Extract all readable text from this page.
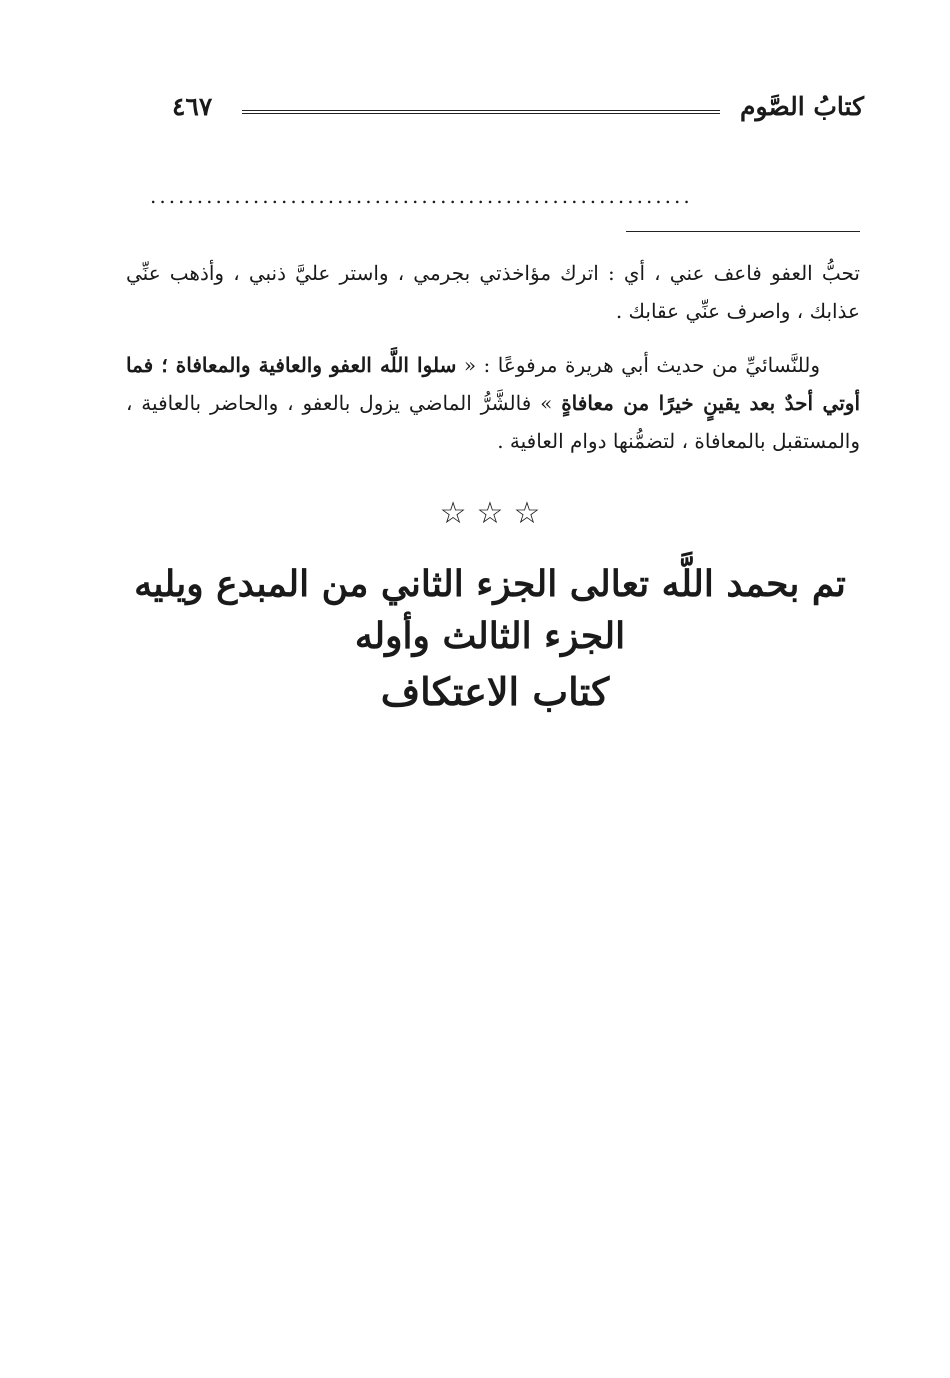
كتابُ الصَّوم
٤٦٧
..........................................................

تحبُّ العفو فاعف عني ، أي : اترك مؤاخذتي بجرمي ، واستر عليَّ ذنبي ، وأذهب عنِّي عذابك ، واصرف عنِّي عقابك .

وللنَّسائيِّ من حديث أبي هريرة مرفوعًا : « سلوا اللَّه العفو والعافية والمعافاة ؛ فما أوتي أحدٌ بعد يقينٍ خيرًا من معافاةٍ » فالشَّرُّ الماضي يزول بالعفو ، والحاضر بالعافية ، والمستقبل بالمعافاة ، لتضمُّنها دوام العافية .

☆☆☆

تم بحمد اللَّه تعالى الجزء الثاني من المبدع ويليه الجزء الثالث وأوله

كتاب الاعتكاف
